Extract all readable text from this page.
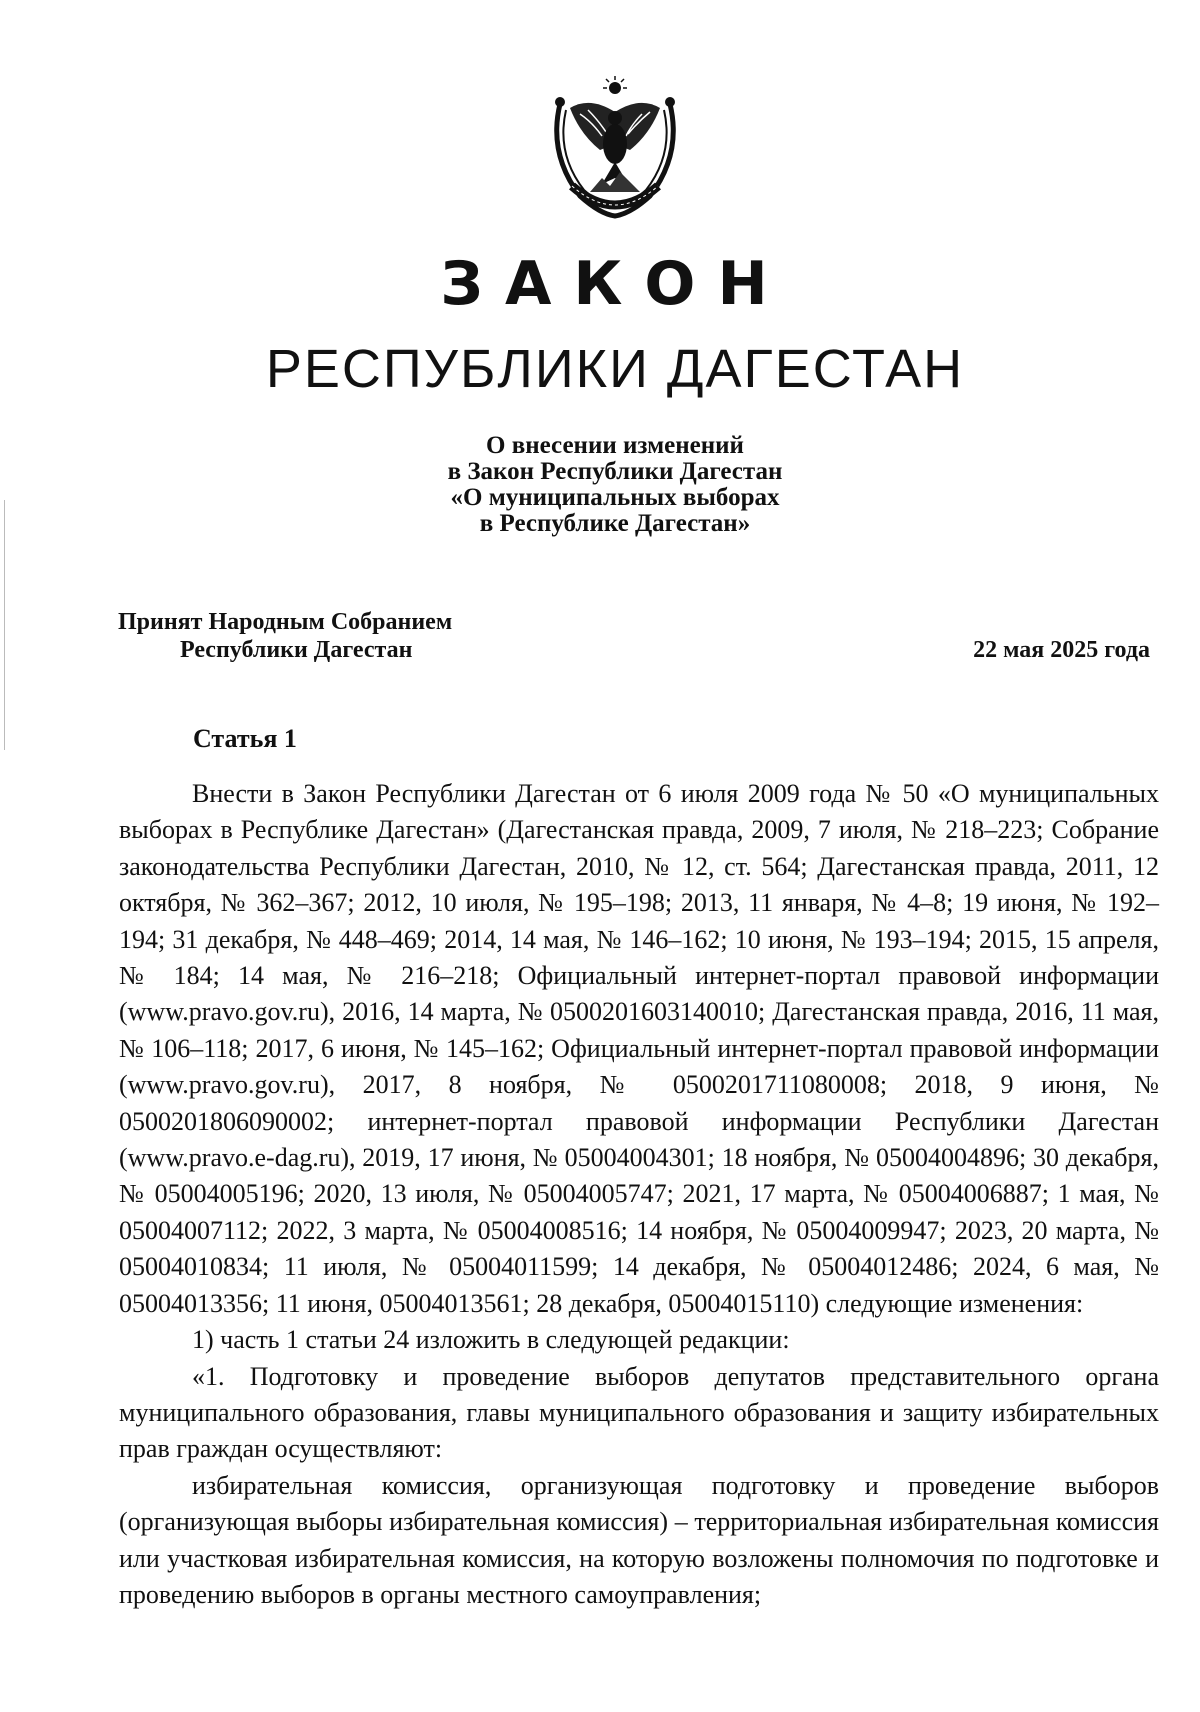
ЗАКОН
РЕСПУБЛИКИ ДАГЕСТАН
О внесении изменений
в Закон Республики Дагестан
«О муниципальных выборах
в Республике Дагестан»
Принят Народным Собранием
Республики Дагестан	22 мая 2025 года
Статья 1

Внести в Закон Республики Дагестан от 6 июля 2009 года № 50 «О муниципальных выборах в Республике Дагестан» (Дагестанская правда, 2009, 7 июля, № 218–223; Собрание законодательства Республики Дагестан, 2010, № 12, ст. 564; Дагестанская правда, 2011, 12 октября, № 362–367; 2012, 10 июля, № 195–198; 2013, 11 января, № 4–8; 19 июня, № 192–194; 31 декабря, № 448–469; 2014, 14 мая, № 146–162; 10 июня, № 193–194; 2015, 15 апреля, № 184; 14 мая, № 216–218; Официальный интернет-портал правовой информации (www.pravo.gov.ru), 2016, 14 марта, № 0500201603140010; Дагестанская правда, 2016, 11 мая, № 106–118; 2017, 6 июня, № 145–162; Официальный интернет-портал правовой информации (www.pravo.gov.ru), 2017, 8 ноября, № 0500201711080008; 2018, 9 июня, № 0500201806090002; интернет-портал правовой информации Республики Дагестан (www.pravo.e-dag.ru), 2019, 17 июня, № 05004004301; 18 ноября, № 05004004896; 30 декабря, № 05004005196; 2020, 13 июля, № 05004005747; 2021, 17 марта, № 05004006887; 1 мая, № 05004007112; 2022, 3 марта, № 05004008516; 14 ноября, № 05004009947; 2023, 20 марта, № 05004010834; 11 июля, № 05004011599; 14 декабря, № 05004012486; 2024, 6 мая, № 05004013356; 11 июня, 05004013561; 28 декабря, 05004015110) следующие изменения:

1) часть 1 статьи 24 изложить в следующей редакции:

«1. Подготовку и проведение выборов депутатов представительного органа муниципального образования, главы муниципального образования и защиту избирательных прав граждан осуществляют:

избирательная комиссия, организующая подготовку и проведение выборов (организующая выборы избирательная комиссия) – территориальная избирательная комиссия или участковая избирательная комиссия, на которую возложены полномочия по подготовке и проведению выборов в органы местного самоуправления;
